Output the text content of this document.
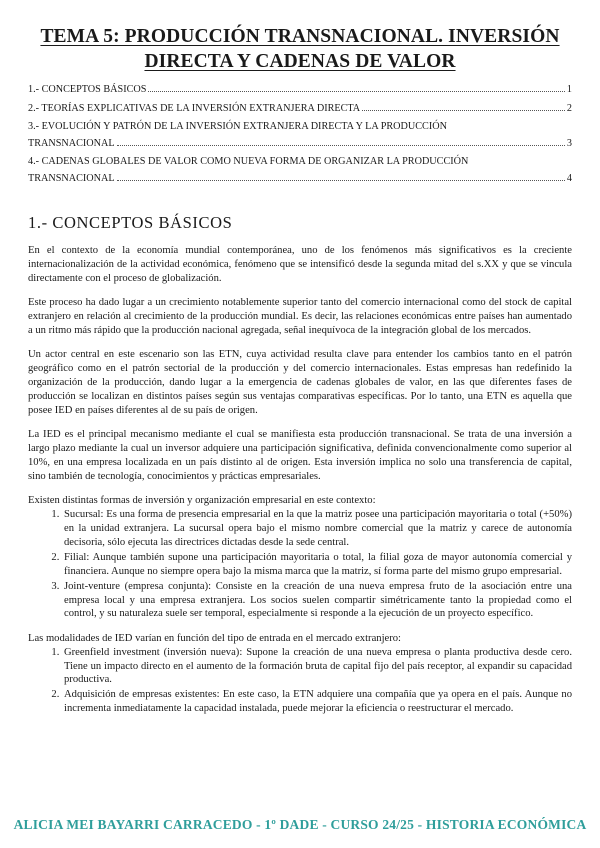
TEMA 5: PRODUCCIÓN TRANSNACIONAL. INVERSIÓN
DIRECTA Y CADENAS DE VALOR
1.- CONCEPTOS BÁSICOS	1
2.- TEORÍAS EXPLICATIVAS DE LA INVERSIÓN EXTRANJERA DIRECTA	2
3.- EVOLUCIÓN Y PATRÓN DE LA INVERSIÓN EXTRANJERA DIRECTA Y LA PRODUCCIÓN
TRANSNACIONAL	3
4.- CADENAS GLOBALES DE VALOR COMO NUEVA FORMA DE ORGANIZAR LA PRODUCCIÓN
TRANSNACIONAL	4
1.- CONCEPTOS BÁSICOS

En el contexto de la economía mundial contemporánea, uno de los fenómenos más significativos es la creciente internacionalización de la actividad económica, fenómeno que se intensificó desde la segunda mitad del s.XX y que se vincula directamente con el proceso de globalización.

Este proceso ha dado lugar a un crecimiento notablemente superior tanto del comercio internacional como del stock de capital extranjero en relación al crecimiento de la producción mundial. Es decir, las relaciones económicas entre países han aumentado a un ritmo más rápido que la producción nacional agregada, señal inequívoca de la integración global de los mercados.

Un actor central en este escenario son las ETN, cuya actividad resulta clave para entender los cambios tanto en el patrón geográfico como en el patrón sectorial de la producción y del comercio internacionales. Estas empresas han redefinido la organización de la producción, dando lugar a la emergencia de cadenas globales de valor, en las que diferentes fases de producción se localizan en distintos países según sus ventajas comparativas específicas. Por lo tanto, una ETN es aquella que posee IED en países diferentes al de su país de origen.

La IED es el principal mecanismo mediante el cual se manifiesta esta producción transnacional. Se trata de una inversión a largo plazo mediante la cual un inversor adquiere una participación significativa, definida convencionalmente como superior al 10%, en una empresa localizada en un país distinto al de origen. Esta inversión implica no solo una transferencia de capital, sino también de tecnología, conocimientos y prácticas empresariales.

Existen distintas formas de inversión y organización empresarial en este contexto:

1. Sucursal: Es una forma de presencia empresarial en la que la matriz posee una participación mayoritaria o total (+50%) en la unidad extranjera. La sucursal opera bajo el mismo nombre comercial que la matriz y carece de autonomía decisoria, sólo ejecuta las directrices dictadas desde la sede central.
2. Filial: Aunque también supone una participación mayoritaria o total, la filial goza de mayor autonomía comercial y financiera. Aunque no siempre opera bajo la misma marca que la matriz, sí forma parte del mismo grupo empresarial.
3. Joint-venture (empresa conjunta): Consiste en la creación de una nueva empresa fruto de la asociación entre una empresa local y una empresa extranjera. Los socios suelen compartir simétricamente tanto la propiedad como el control, y su naturaleza suele ser temporal, especialmente si responde a la ejecución de un proyecto específico.

Las modalidades de IED varían en función del tipo de entrada en el mercado extranjero:

1. Greenfield investment (inversión nueva): Supone la creación de una nueva empresa o planta productiva desde cero. Tiene un impacto directo en el aumento de la formación bruta de capital fijo del país receptor, al expandir su capacidad productiva.
2. Adquisición de empresas existentes: En este caso, la ETN adquiere una compañía que ya opera en el país. Aunque no incrementa inmediatamente la capacidad instalada, puede mejorar la eficiencia o reestructurar el mercado.
ALICIA MEI BAYARRI CARRACEDO - 1º DADE - CURSO 24/25 - HISTORIA ECONÓMICA
